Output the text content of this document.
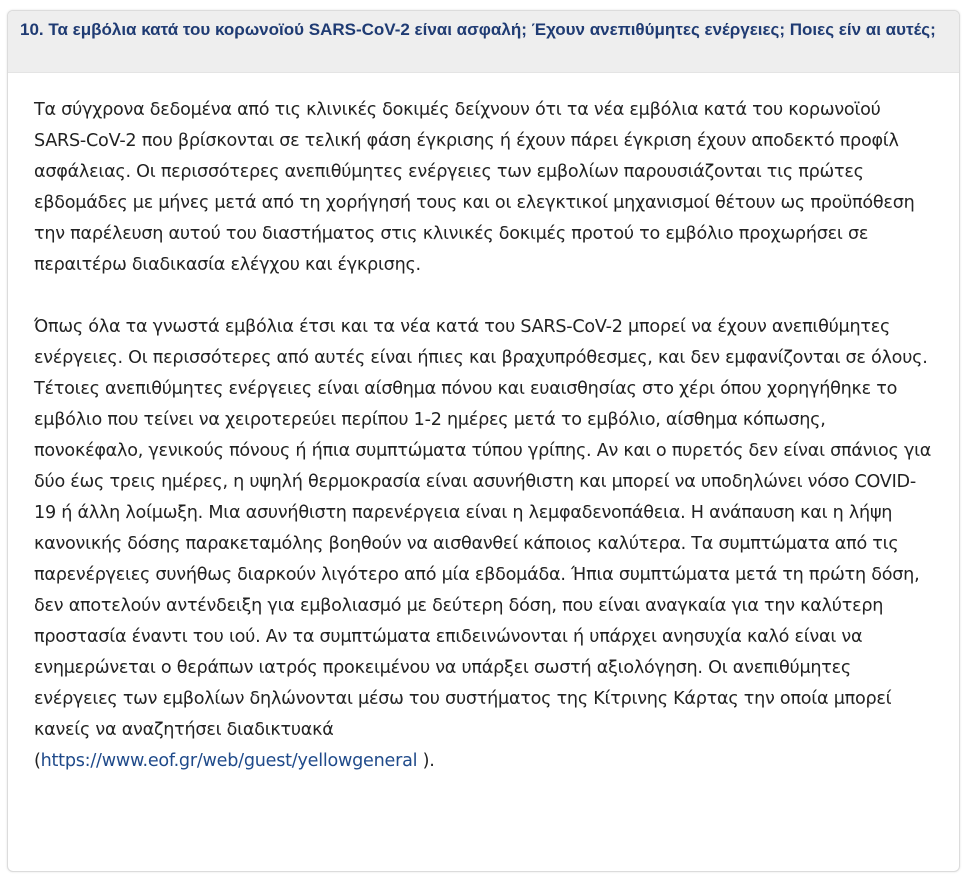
10. Τα εμβόλια κατά του κορωνοϊού SARS-CoV-2 είναι ασφαλή; Έχουν ανεπιθύμητες ενέργειες; Ποιες είν αι αυτές;

Τα σύγχρονα δεδομένα από τις κλινικές δοκιμές δείχνουν ότι τα νέα εμβόλια κατά του κορωνοϊού SARS-CoV-2 που βρίσκονται σε τελική φάση έγκρισης ή έχουν πάρει έγκριση έχουν αποδεκτό προφίλ ασφάλειας. Οι περισσότερες ανεπιθύμητες ενέργειες των εμβολίων παρουσιάζονται τις πρώτες εβδομάδες με μήνες μετά από τη χορήγησή τους και οι ελεγκτικοί μηχανισμοί θέτουν ως προϋπόθεση την παρέλευση αυτού του διαστήματος στις κλινικές δοκιμές προτού το εμβόλιο προχωρήσει σε περαιτέρω διαδικασία ελέγχου και έγκρισης.

Όπως όλα τα γνωστά εμβόλια έτσι και τα νέα κατά του SARS-CoV-2 μπορεί να έχουν ανεπιθύμητες ενέργειες. Οι περισσότερες από αυτές είναι ήπιες και βραχυπρόθεσμες, και δεν εμφανίζονται σε όλους. Τέτοιες ανεπιθύμητες ενέργειες είναι αίσθημα πόνου και ευαισθησίας στο χέρι όπου χορηγήθηκε το εμβόλιο που τείνει να χειροτερεύει περίπου 1-2 ημέρες μετά το εμβόλιο, αίσθημα κόπωσης, πονοκέφαλο, γενικούς πόνους ή ήπια συμπτώματα τύπου γρίπης. Αν και ο πυρετός δεν είναι σπάνιος για δύο έως τρεις ημέρες, η υψηλή θερμοκρασία είναι ασυνήθιστη και μπορεί να υποδηλώνει νόσο COVID-19 ή άλλη λοίμωξη. Μια ασυνήθιστη παρενέργεια είναι η λεμφαδενοπάθεια. Η ανάπαυση και η λήψη κανονικής δόσης παρακεταμόλης βοηθούν να αισθανθεί κάποιος καλύτερα. Τα συμπτώματα από τις παρενέργειες συνήθως διαρκούν λιγότερο από μία εβδομάδα. Ήπια συμπτώματα μετά τη πρώτη δόση, δεν αποτελούν αντένδειξη για εμβολιασμό με δεύτερη δόση, που είναι αναγκαία για την καλύτερη προστασία έναντι του ιού. Αν τα συμπτώματα επιδεινώνονται ή υπάρχει ανησυχία καλό είναι να ενημερώνεται ο θεράπων ιατρός προκειμένου να υπάρξει σωστή αξιολόγηση. Οι ανεπιθύμητες ενέργειες των εμβολίων δηλώνονται μέσω του συστήματος της Κίτρινης Κάρτας την οποία μπορεί κανείς να αναζητήσει διαδικτυακά
(https://www.eof.gr/web/guest/yellowgeneral ).
